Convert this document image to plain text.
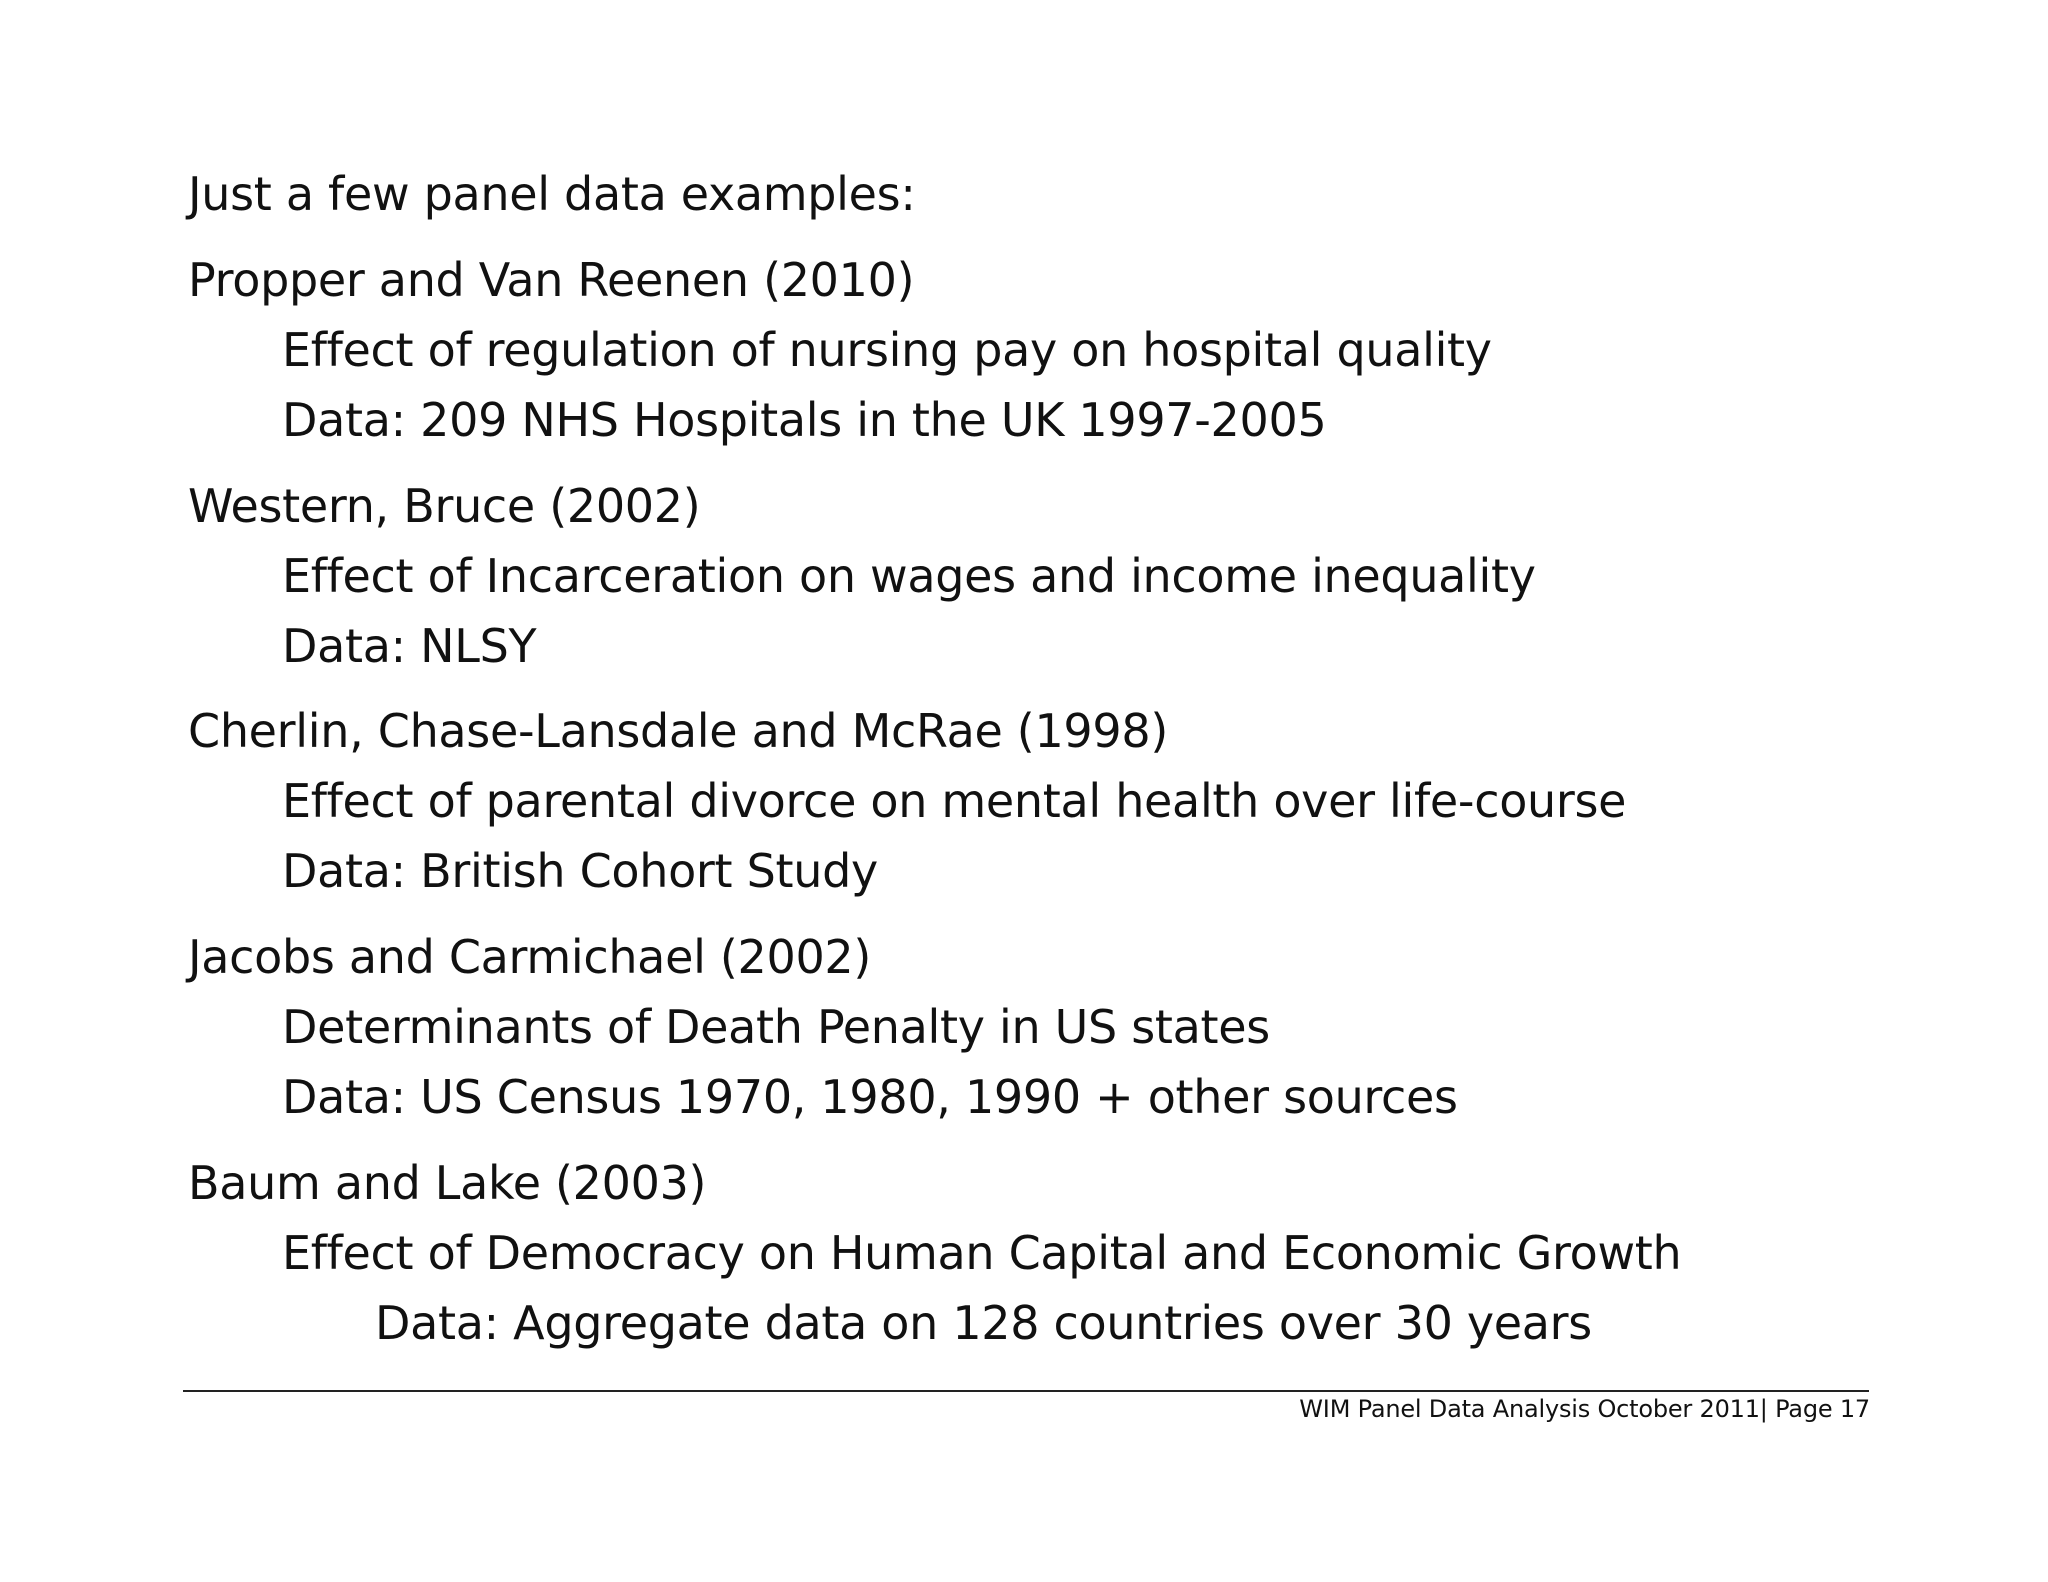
Just a few panel data examples:
Propper and Van Reenen (2010)
Effect of regulation of nursing pay on hospital quality
Data: 209 NHS Hospitals in the UK 1997-2005
Western, Bruce (2002)
Effect of Incarceration on wages and income inequality
Data: NLSY
Cherlin, Chase-Lansdale and McRae (1998)
Effect of parental divorce on mental health over life-course
Data: British Cohort Study
Jacobs and Carmichael (2002)
Determinants of Death Penalty in US states
Data: US Census 1970, 1980, 1990 + other sources
Baum and Lake (2003)
Effect of Democracy on Human Capital and Economic Growth
Data: Aggregate data on 128 countries over 30 years
WIM Panel Data Analysis October 2011| Page 17
